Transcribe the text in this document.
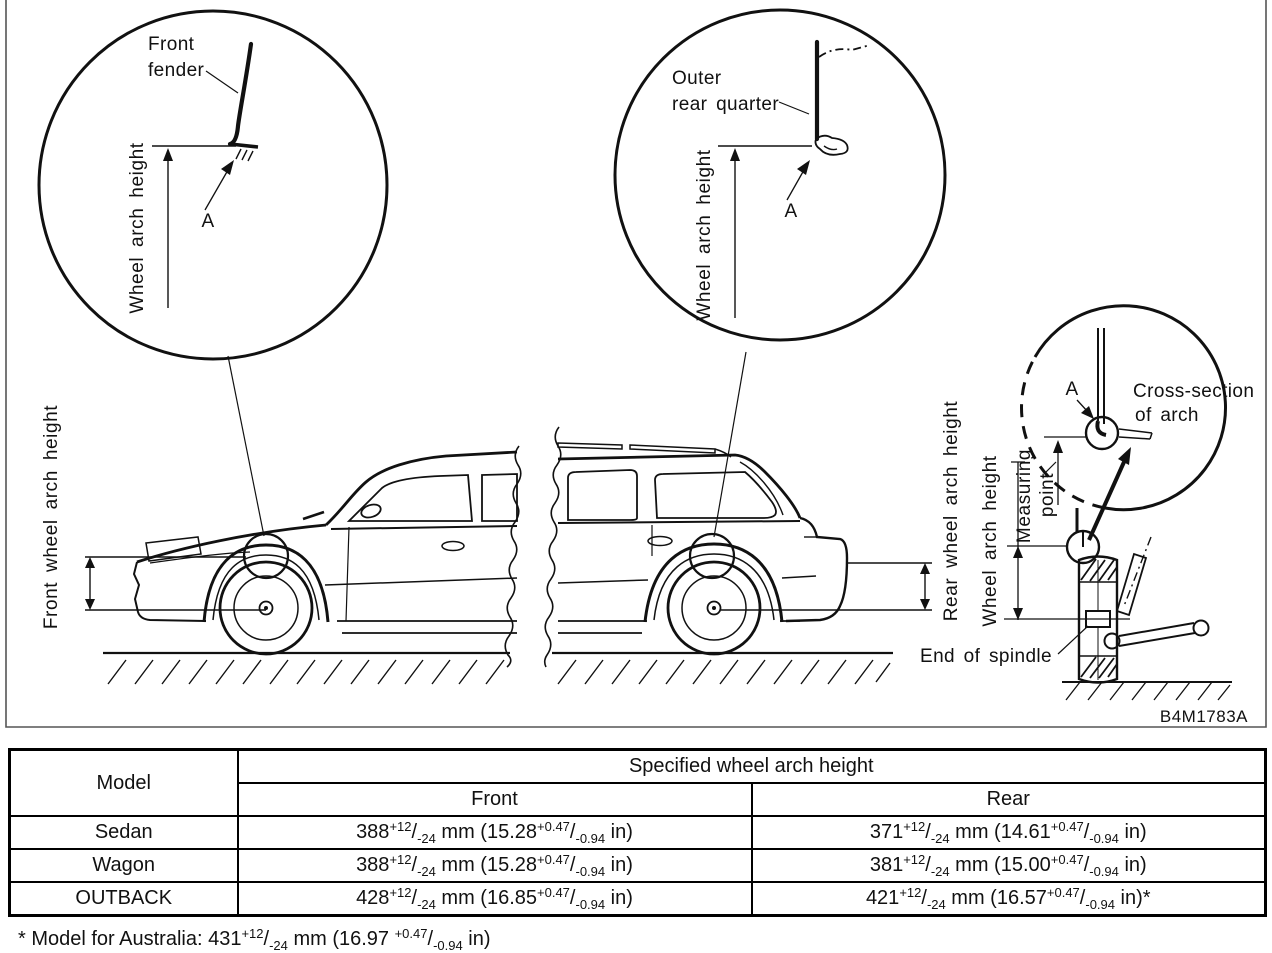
Front
fender
Wheel arch height	A
Outer
rear quarter
Wheel arch height	A
Front wheel arch height	Rear wheel arch height
A	Cross-section
of arch
Measuring point
Wheel arch height
End of spindle
B4M1783A
Model	Specified wheel arch height	
	Front	Rear
Sedan	$388^{+12}/_{-24}$ mm ($15.28^{+0.47}/_{-0.94}$ in)	$371^{+12}/_{-24}$ mm ($14.61^{+0.47}/_{-0.94}$ in)
Wagon	$388^{+12}/_{-24}$ mm ($15.28^{+0.47}/_{-0.94}$ in)	$381^{+12}/_{-24}$ mm ($15.00^{+0.47}/_{-0.94}$ in)
OUTBACK	$428^{+12}/_{-24}$ mm ($16.85^{+0.47}/_{-0.94}$ in)	$421^{+12}/_{-24}$ mm ($16.57^{+0.47}/_{-0.94}$ in)*

* Model for Australia: $431^{+12}/_{-24}$ mm (16.97 $^{+0.47}/_{-0.94}$ in)
